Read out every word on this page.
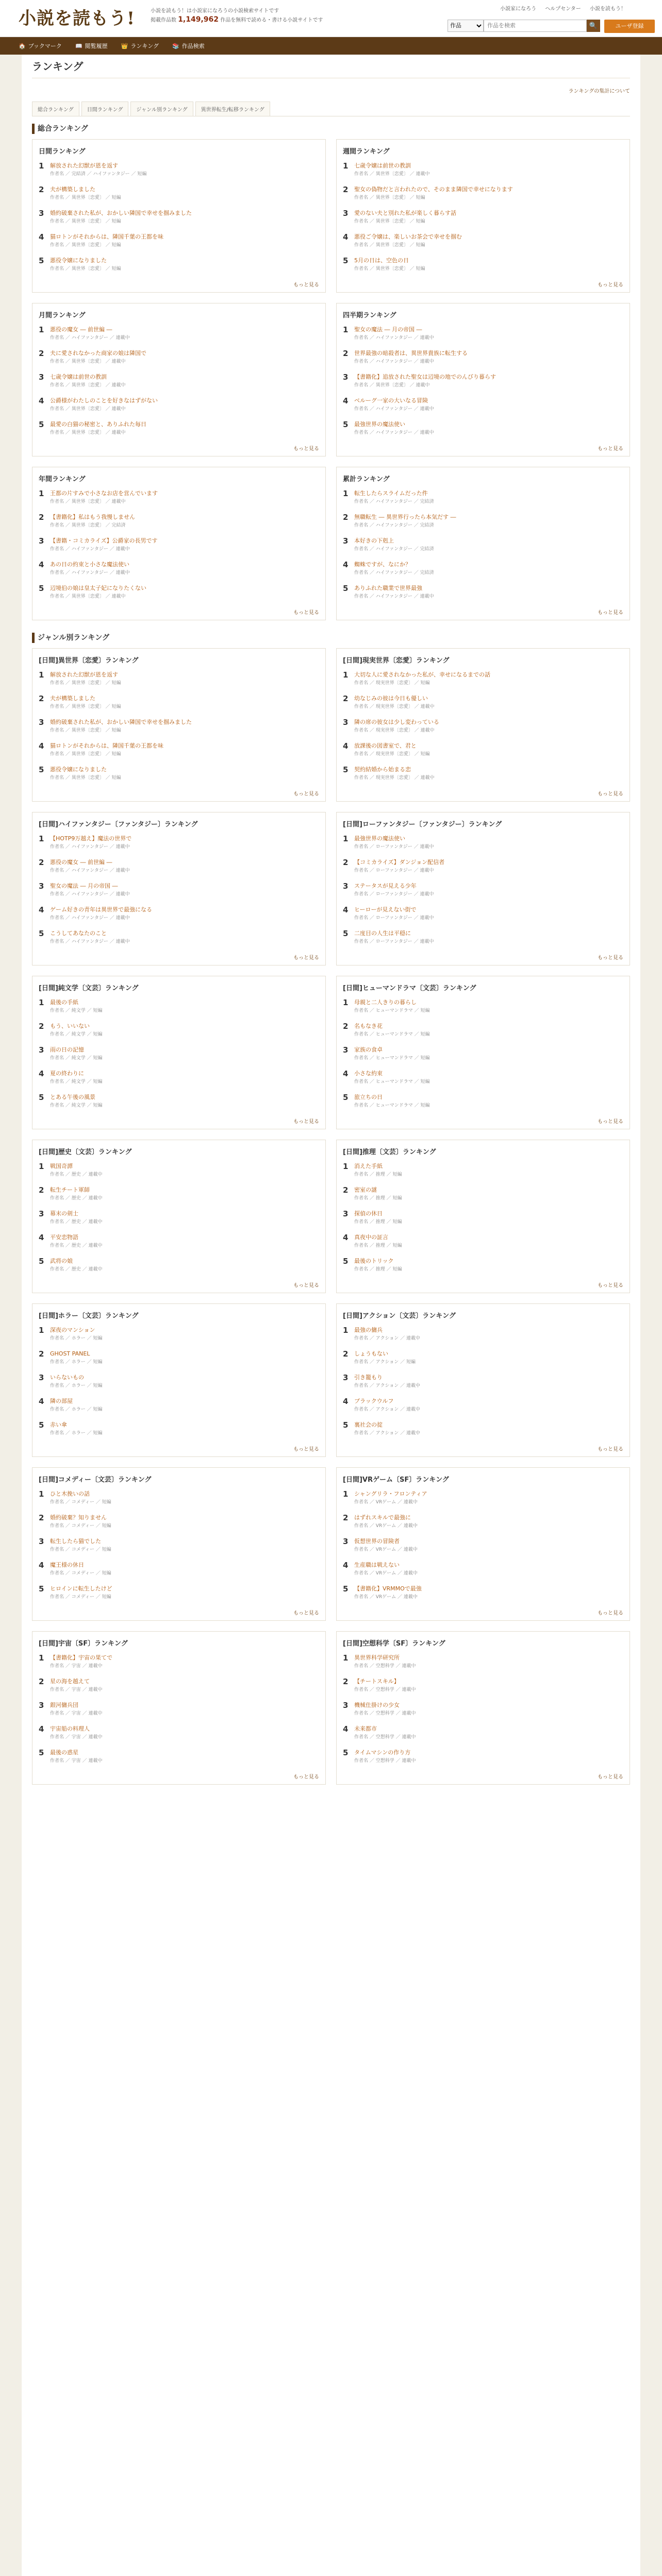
小説を読もう!	小説を読もう！は小説家になろうの小説検索サイトです
掲載作品数 1,149,962 作品を無料で読める・書ける小説サイトです
小説家になろう ヘルプセンター 小説を読もう！
作品
作品を検索
🔍	ユーザ登録
🏠 ブックマーク 📖 閲覧履歴 👑 ランキング 📚 作品検索
ランキング
ランキングの集計について
総合ランキング	日間ランキング	ジャンル別ランキング	異世界転生/転移ランキング
総合ランキング
日間ランキング
1	解放された幻獣が恩を返す
作者名 ／ 完結済 ／ ハイファンタジー ／ 短編
2	夫が構築しました
作者名 ／ 異世界〔恋愛〕 ／ 短編
3	婚約破棄された私が、おかしい隣国で幸せを掴みました
作者名 ／ 異世界〔恋愛〕 ／ 短編
4	猫ロトンがそれからは、隣国千葉の王都を味
作者名 ／ 異世界〔恋愛〕 ／ 短編
5	悪役令嬢になりました
作者名 ／ 異世界〔恋愛〕 ／ 短編
もっと見る
週間ランキング
1	七歳令嬢は前世の教訓
作者名 ／ 異世界〔恋愛〕 ／ 連載中
2	聖女の偽物だと言われたので、そのまま隣国で幸せになります
作者名 ／ 異世界〔恋愛〕 ／ 短編
3	愛のない夫と別れた私が楽しく暮らす話
作者名 ／ 異世界〔恋愛〕 ／ 短編
4	悪役ご令嬢は、楽しいお茶会で幸せを掴む
作者名 ／ 異世界〔恋愛〕 ／ 短編
5	5月の日は、空色の日
作者名 ／ 異世界〔恋愛〕 ／ 短編
もっと見る
月間ランキング
1	悪役の魔女 ― 前世編 ―
作者名 ／ ハイファンタジー ／ 連載中
2	夫に愛されなかった商家の娘は隣国で
作者名 ／ 異世界〔恋愛〕 ／ 連載中
3	七歳令嬢は前世の教訓
作者名 ／ 異世界〔恋愛〕 ／ 連載中
4	公爵様がわたしのことを好きなはずがない
作者名 ／ 異世界〔恋愛〕 ／ 連載中
5	最愛の白猫の秘密と、ありふれた毎日
作者名 ／ 異世界〔恋愛〕 ／ 連載中
もっと見る
四半期ランキング
1	聖女の魔法 ― 月の帝国 ―
作者名 ／ ハイファンタジー ／ 連載中
2	世界最強の暗殺者は、異世界貴族に転生する
作者名 ／ ハイファンタジー ／ 連載中
3	【書籍化】追放された聖女は辺境の地でのんびり暮らす
作者名 ／ 異世界〔恋愛〕 ／ 連載中
4	ベルーグ一家の大いなる冒険
作者名 ／ ハイファンタジー ／ 連載中
5	最強世界の魔法使い
作者名 ／ ハイファンタジー ／ 連載中
もっと見る
年間ランキング
1	王都の片すみで小さなお店を営んでいます
作者名 ／ 異世界〔恋愛〕 ／ 連載中
2	【書籍化】私はもう我慢しません
作者名 ／ 異世界〔恋愛〕 ／ 完結済
3	【書籍・コミカライズ】公爵家の長男です
作者名 ／ ハイファンタジー ／ 連載中
4	あの日の約束と小さな魔法使い
作者名 ／ ハイファンタジー ／ 連載中
5	辺境伯の娘は皇太子妃になりたくない
作者名 ／ 異世界〔恋愛〕 ／ 連載中
もっと見る
累計ランキング
1	転生したらスライムだった件
作者名 ／ ハイファンタジー ／ 完結済
2	無職転生 ― 異世界行ったら本気だす ―
作者名 ／ ハイファンタジー ／ 完結済
3	本好きの下剋上
作者名 ／ ハイファンタジー ／ 完結済
4	蜘蛛ですが、なにか？
作者名 ／ ハイファンタジー ／ 完結済
5	ありふれた職業で世界最強
作者名 ／ ハイファンタジー ／ 連載中
もっと見る
ジャンル別ランキング
[日間]異世界〔恋愛〕ランキング
1	解放された幻獣が恩を返す
作者名 ／ 異世界〔恋愛〕 ／ 短編
2	夫が構築しました
作者名 ／ 異世界〔恋愛〕 ／ 短編
3	婚約破棄された私が、おかしい隣国で幸せを掴みました
作者名 ／ 異世界〔恋愛〕 ／ 短編
4	猫ロトンがそれからは、隣国千葉の王都を味
作者名 ／ 異世界〔恋愛〕 ／ 短編
5	悪役令嬢になりました
作者名 ／ 異世界〔恋愛〕 ／ 短編
もっと見る
[日間]現実世界〔恋愛〕ランキング
1	大切な人に愛されなかった私が、幸せになるまでの話
作者名 ／ 現実世界〔恋愛〕 ／ 短編
2	幼なじみの彼は今日も優しい
作者名 ／ 現実世界〔恋愛〕 ／ 連載中
3	隣の席の彼女は少し変わっている
作者名 ／ 現実世界〔恋愛〕 ／ 連載中
4	放課後の図書室で、君と
作者名 ／ 現実世界〔恋愛〕 ／ 短編
5	契約結婚から始まる恋
作者名 ／ 現実世界〔恋愛〕 ／ 連載中
もっと見る
[日間]ハイファンタジー〔ファンタジー〕ランキング
1	【HOTP9万越え】魔法の世界で
作者名 ／ ハイファンタジー ／ 連載中
2	悪役の魔女 ― 前世編 ―
作者名 ／ ハイファンタジー ／ 連載中
3	聖女の魔法 ― 月の帝国 ―
作者名 ／ ハイファンタジー ／ 連載中
4	ゲーム好きの青年は異世界で最強になる
作者名 ／ ハイファンタジー ／ 連載中
5	こうしてあなたのこと
作者名 ／ ハイファンタジー ／ 連載中
もっと見る
[日間]ローファンタジー〔ファンタジー〕ランキング
1	最強世界の魔法使い
作者名 ／ ローファンタジー ／ 連載中
2	【コミカライズ】ダンジョン配信者
作者名 ／ ローファンタジー ／ 連載中
3	ステータスが見える少年
作者名 ／ ローファンタジー ／ 連載中
4	ヒーローが見えない街で
作者名 ／ ローファンタジー ／ 連載中
5	二度目の人生は平穏に
作者名 ／ ローファンタジー ／ 連載中
もっと見る
[日間]純文学〔文芸〕ランキング
1	最後の手紙
作者名 ／ 純文学 ／ 短編
2	もう、いいない
作者名 ／ 純文学 ／ 短編
3	雨の日の記憶
作者名 ／ 純文学 ／ 短編
4	夏の終わりに
作者名 ／ 純文学 ／ 短編
5	とある午後の風景
作者名 ／ 純文学 ／ 短編
もっと見る
[日間]ヒューマンドラマ〔文芸〕ランキング
1	母親と二人きりの暮らし
作者名 ／ ヒューマンドラマ ／ 短編
2	名もなき花
作者名 ／ ヒューマンドラマ ／ 短編
3	家族の食卓
作者名 ／ ヒューマンドラマ ／ 短編
4	小さな約束
作者名 ／ ヒューマンドラマ ／ 短編
5	旅立ちの日
作者名 ／ ヒューマンドラマ ／ 短編
もっと見る
[日間]歴史〔文芸〕ランキング
1	戦国奇譚
作者名 ／ 歴史 ／ 連載中
2	転生チート軍師
作者名 ／ 歴史 ／ 連載中
3	幕末の剣士
作者名 ／ 歴史 ／ 連載中
4	平安恋物語
作者名 ／ 歴史 ／ 連載中
5	武将の娘
作者名 ／ 歴史 ／ 連載中
もっと見る
[日間]推理〔文芸〕ランキング
1	消えた手紙
作者名 ／ 推理 ／ 短編
2	密室の謎
作者名 ／ 推理 ／ 短編
3	探偵の休日
作者名 ／ 推理 ／ 短編
4	真夜中の証言
作者名 ／ 推理 ／ 短編
5	最後のトリック
作者名 ／ 推理 ／ 短編
もっと見る
[日間]ホラー〔文芸〕ランキング
1	深夜のマンション
作者名 ／ ホラー ／ 短編
2	GHOST PANEL
作者名 ／ ホラー ／ 短編
3	いらないもの
作者名 ／ ホラー ／ 短編
4	隣の部屋
作者名 ／ ホラー ／ 短編
5	赤い傘
作者名 ／ ホラー ／ 短編
もっと見る
[日間]アクション〔文芸〕ランキング
1	最強の傭兵
作者名 ／ アクション ／ 連載中
2	しょうもない
作者名 ／ アクション ／ 短編
3	引き籠もり
作者名 ／ アクション ／ 連載中
4	ブラックウルフ
作者名 ／ アクション ／ 連載中
5	裏社会の掟
作者名 ／ アクション ／ 連載中
もっと見る
[日間]コメディー〔文芸〕ランキング
1	ひと木挽いの話
作者名 ／ コメディー ／ 短編
2	婚約破棄？知りません
作者名 ／ コメディー ／ 短編
3	転生したら猫でした
作者名 ／ コメディー ／ 短編
4	魔王様の休日
作者名 ／ コメディー ／ 短編
5	ヒロインに転生したけど
作者名 ／ コメディー ／ 短編
もっと見る
[日間]VRゲーム〔SF〕ランキング
1	シャングリラ・フロンティア
作者名 ／ VRゲーム ／ 連載中
2	はずれスキルで最強に
作者名 ／ VRゲーム ／ 連載中
3	仮想世界の冒険者
作者名 ／ VRゲーム ／ 連載中
4	生産職は戦えない
作者名 ／ VRゲーム ／ 連載中
5	【書籍化】VRMMOで最強
作者名 ／ VRゲーム ／ 連載中
もっと見る
[日間]宇宙〔SF〕ランキング
1	【書籍化】宇宙の果てで
作者名 ／ 宇宙 ／ 連載中
2	星の海を越えて
作者名 ／ 宇宙 ／ 連載中
3	銀河傭兵団
作者名 ／ 宇宙 ／ 連載中
4	宇宙船の料理人
作者名 ／ 宇宙 ／ 連載中
5	最後の惑星
作者名 ／ 宇宙 ／ 連載中
もっと見る
[日間]空想科学〔SF〕ランキング
1	異世界科学研究所
作者名 ／ 空想科学 ／ 連載中
2	【チートスキル】
作者名 ／ 空想科学 ／ 連載中
3	機械仕掛けの少女
作者名 ／ 空想科学 ／ 連載中
4	未来都市
作者名 ／ 空想科学 ／ 連載中
5	タイムマシンの作り方
作者名 ／ 空想科学 ／ 連載中
もっと見る
